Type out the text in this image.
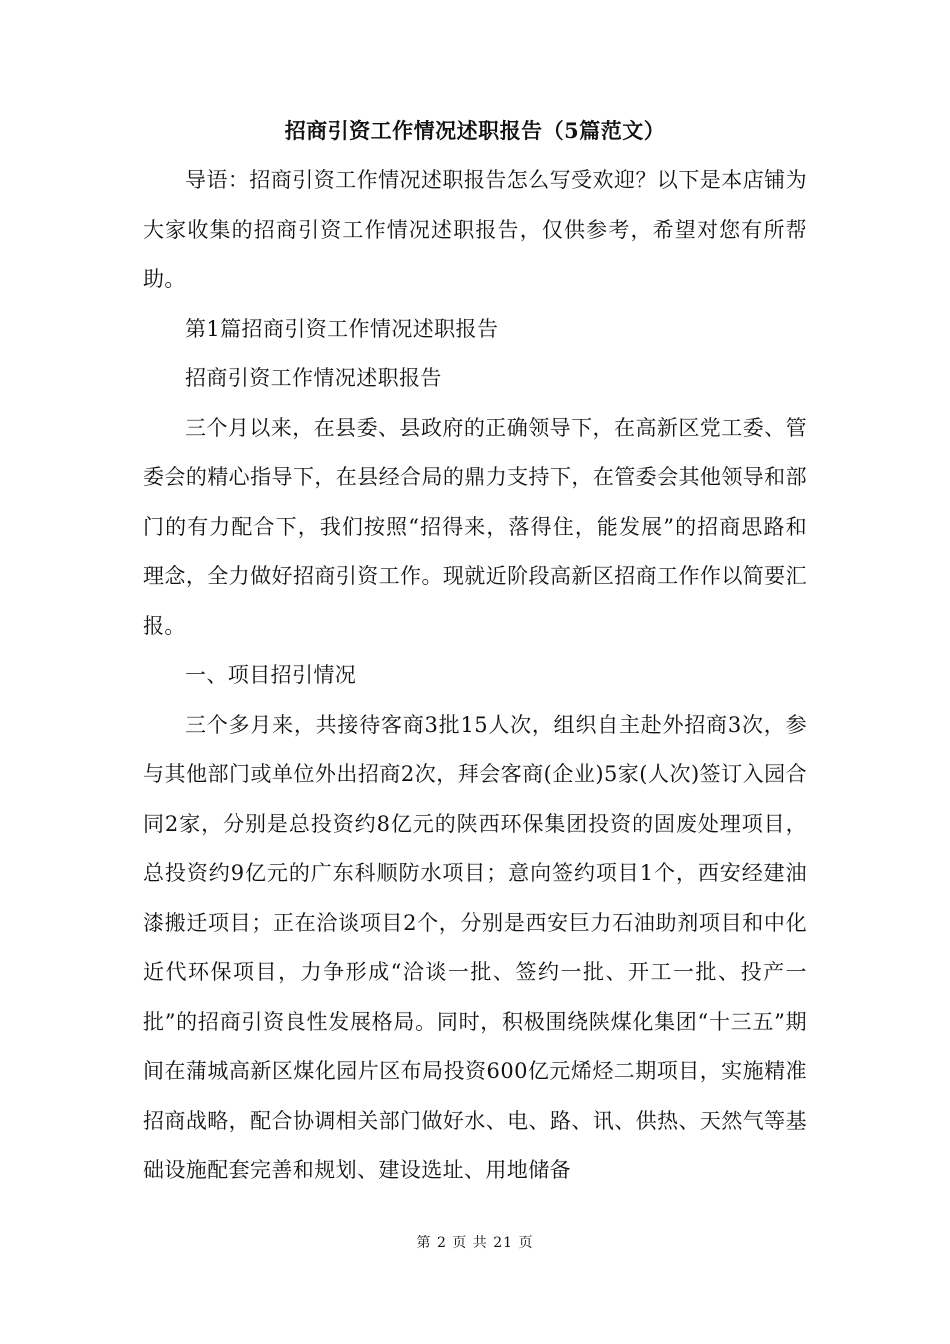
招商引资工作情况述职报告（5篇范文）

导语：招商引资工作情况述职报告怎么写受欢迎？以下是本店铺为大家收集的招商引资工作情况述职报告，仅供参考，希望对您有所帮助。

第1篇招商引资工作情况述职报告

招商引资工作情况述职报告

三个月以来，在县委、县政府的正确领导下，在高新区党工委、管委会的精心指导下，在县经合局的鼎力支持下，在管委会其他领导和部门的有力配合下，我们按照“招得来，落得住，能发展”的招商思路和理念，全力做好招商引资工作。现就近阶段高新区招商工作作以简要汇报。

一、项目招引情况

三个多月来，共接待客商3批15人次，组织自主赴外招商3次，参与其他部门或单位外出招商2次，拜会客商(企业)5家(人次)签订入园合同2家，分别是总投资约8亿元的陕西环保集团投资的固废处理项目，总投资约9亿元的广东科顺防水项目；意向签约项目1个，西安经建油漆搬迁项目；正在洽谈项目2个，分别是西安巨力石油助剂项目和中化近代环保项目，力争形成“洽谈一批、签约一批、开工一批、投产一批”的招商引资良性发展格局。同时，积极围绕陕煤化集团“十三五”期间在蒲城高新区煤化园片区布局投资600亿元烯烃二期项目，实施精准招商战略，配合协调相关部门做好水、电、路、讯、供热、天然气等基础设施配套完善和规划、建设选址、用地储备

第 2 页 共 21 页
